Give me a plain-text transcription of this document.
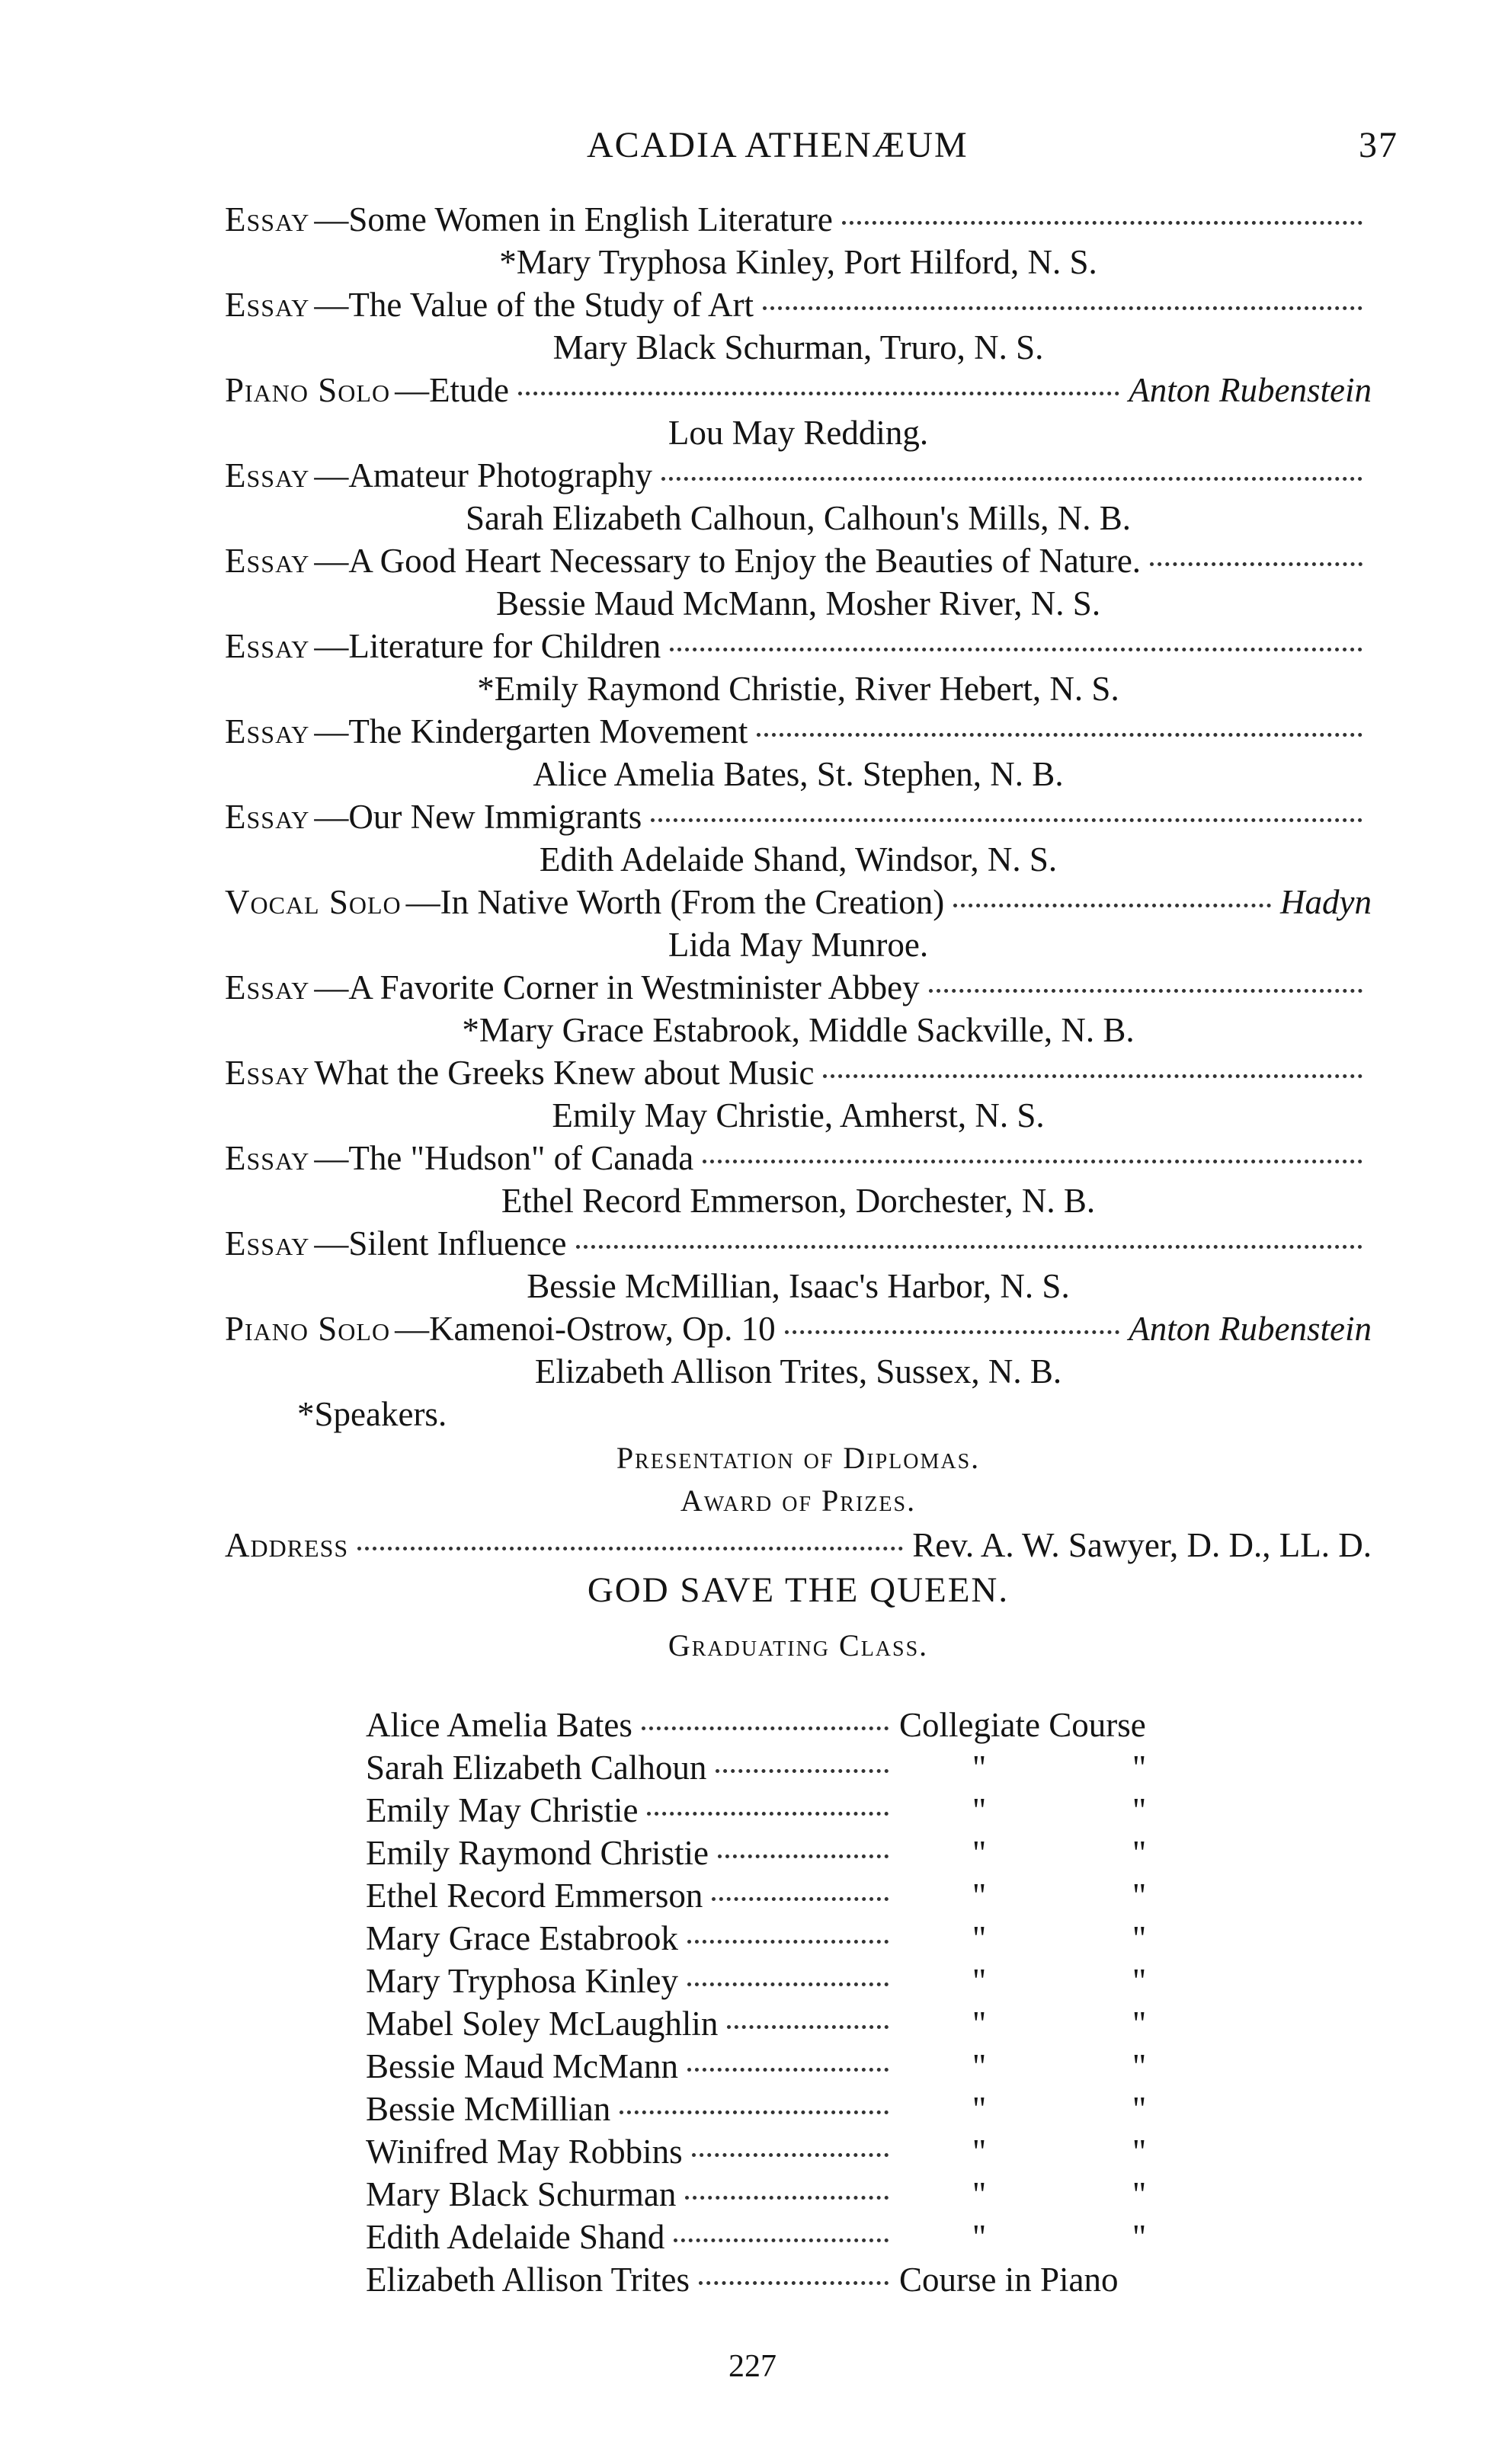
ACADIA ATHENÆUM	37
Essay —Some Women in English Literature
*Mary Tryphosa Kinley, Port Hilford, N. S.
Essay —The Value of the Study of Art
Mary Black Schurman, Truro, N. S.
Piano Solo —Etude	Anton Rubenstein
Lou May Redding.
Essay —Amateur Photography
Sarah Elizabeth Calhoun, Calhoun's Mills, N. B.
Essay —A Good Heart Necessary to Enjoy the Beauties of Nature.
Bessie Maud McMann, Mosher River, N. S.
Essay —Literature for Children
*Emily Raymond Christie, River Hebert, N. S.
Essay —The Kindergarten Movement
Alice Amelia Bates, St. Stephen, N. B.
Essay —Our New Immigrants
Edith Adelaide Shand, Windsor, N. S.
Vocal Solo —In Native Worth (From the Creation)	Hadyn
Lida May Munroe.
Essay —A Favorite Corner in Westminister Abbey
*Mary Grace Estabrook, Middle Sackville, N. B.
Essay What the Greeks Knew about Music
Emily May Christie, Amherst, N. S.
Essay —The "Hudson" of Canada
Ethel Record Emmerson, Dorchester, N. B.
Essay —Silent Influence
Bessie McMillian, Isaac's Harbor, N. S.
Piano Solo —Kamenoi-Ostrow, Op. 10	Anton Rubenstein
Elizabeth Allison Trites, Sussex, N. B.
*Speakers.
Presentation of Diplomas.
Award of Prizes.
Address	Rev. A. W. Sawyer, D. D., LL. D.
GOD SAVE THE QUEEN.
Graduating Class.
Alice Amelia Bates	Collegiate Course
Sarah Elizabeth Calhoun	"	"
Emily May Christie	"	"
Emily Raymond Christie	"	"
Ethel Record Emmerson	"	"
Mary Grace Estabrook	"	"
Mary Tryphosa Kinley	"	"
Mabel Soley McLaughlin	"	"
Bessie Maud McMann	"	"
Bessie McMillian	"	"
Winifred May Robbins	"	"
Mary Black Schurman	"	"
Edith Adelaide Shand	"	"
Elizabeth Allison Trites	Course in Piano
227
